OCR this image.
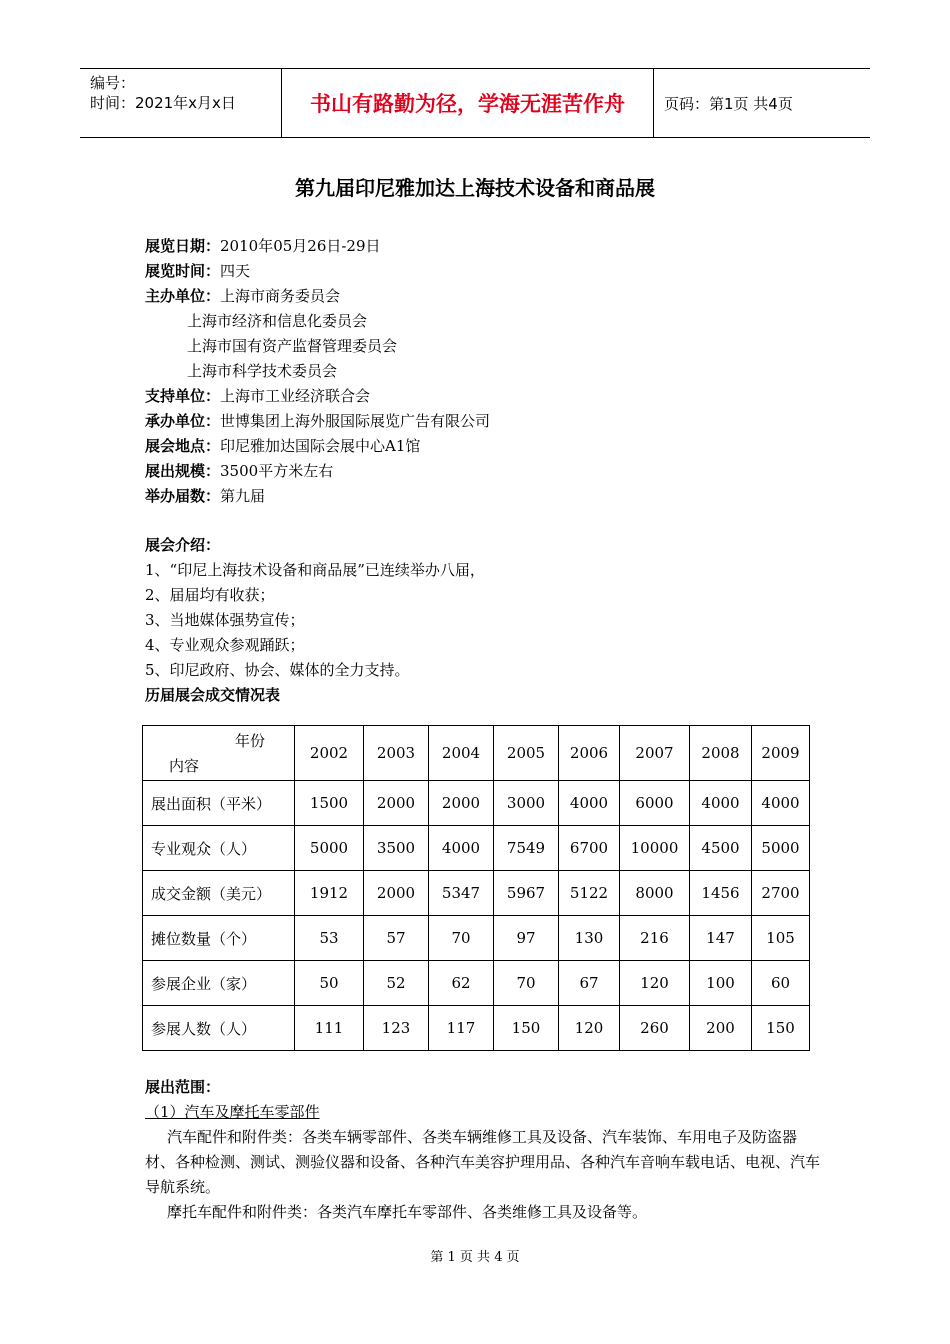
编号：
时间：2021年x月x日	书山有路勤为径，学海无涯苦作舟	页码：第1页 共4页
第九届印尼雅加达上海技术设备和商品展
展览日期：2010年05月26日-29日
展览时间：四天
主办单位：上海市商务委员会
上海市经济和信息化委员会
上海市国有资产监督管理委员会
上海市科学技术委员会
支持单位：上海市工业经济联合会
承办单位：世博集团上海外服国际展览广告有限公司
展会地点：印尼雅加达国际会展中心A1馆
展出规模：3500平方米左右
举办届数：第九届
展会介绍：
1、“印尼上海技术设备和商品展”已连续举办八届，
2、届届均有收获；
3、当地媒体强势宣传；
4、专业观众参观踊跃；
5、印尼政府、协会、媒体的全力支持。
历届展会成交情况表
年份
内容	2002	2003	2004	2005	2006	2007	2008	2009
展出面积（平米）	1500	2000	2000	3000	4000	6000	4000	4000
专业观众（人）	5000	3500	4000	7549	6700	10000	4500	5000
成交金额（美元）	1912	2000	5347	5967	5122	8000	1456	2700
摊位数量（个）	53	57	70	97	130	216	147	105
参展企业（家）	50	52	62	70	67	120	100	60
参展人数（人）	111	123	117	150	120	260	200	150
展出范围：
（1）汽车及摩托车零部件

汽车配件和附件类：各类车辆零部件、各类车辆维修工具及设备、汽车装饰、车用电子及防盗器材、各种检测、测试、测验仪器和设备、各种汽车美容护理用品、各种汽车音响车载电话、电视、汽车导航系统。

摩托车配件和附件类：各类汽车摩托车零部件、各类维修工具及设备等。

第 1 页 共 4 页
